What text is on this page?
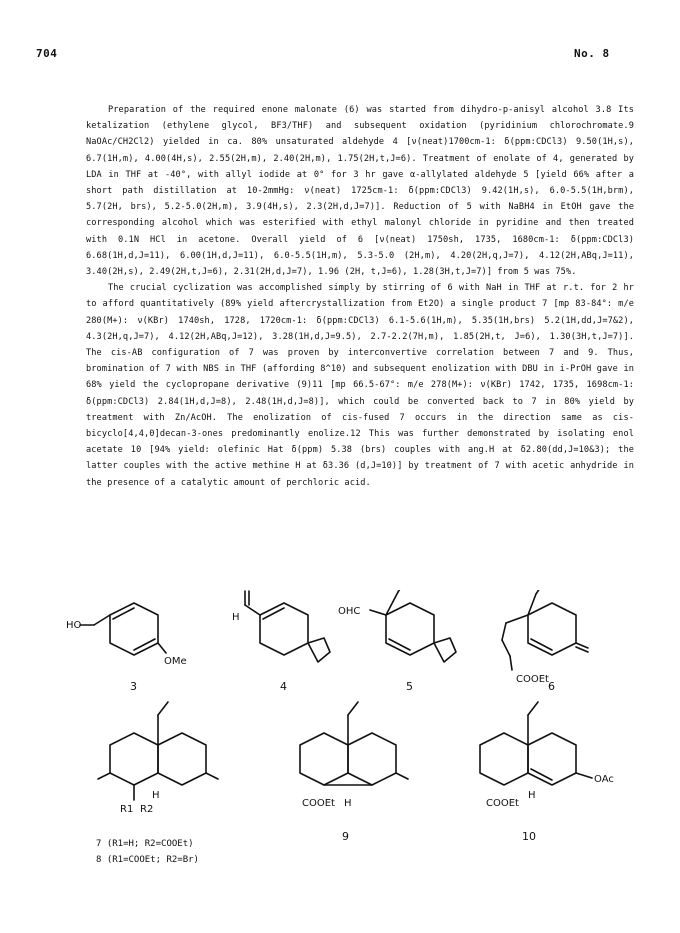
704	No. 8

Preparation of the required enone malonate (6) was started from dihydro-p-anisyl alcohol 3.8 Its ketalization (ethylene glycol, BF3/THF) and subsequent oxidation (pyridinium chlorochromate.9 NaOAc/CH2Cl2) yielded in ca. 80% unsaturated aldehyde 4 [ν(neat)1700cm-1: δ(ppm:CDCl3) 9.50(1H,s), 6.7(1H,m), 4.00(4H,s), 2.55(2H,m), 2.40(2H,m), 1.75(2H,t,J=6). Treatment of enolate of 4, generated by LDA in THF at -40°, with allyl iodide at 0° for 3 hr gave α-allylated aldehyde 5 [yield 66% after a short path distillation at 10-2mmHg: ν(neat) 1725cm-1: δ(ppm:CDCl3) 9.42(1H,s), 6.0-5.5(1H,brm), 5.7(2H, brs), 5.2-5.0(2H,m), 3.9(4H,s), 2.3(2H,d,J=7)]. Reduction of 5 with NaBH4 in EtOH gave the corresponding alcohol which was esterified with ethyl malonyl chloride in pyridine and then treated with 0.1N HCl in acetone. Overall yield of 6 [ν(neat) 1750sh, 1735, 1680cm-1: δ(ppm:CDCl3) 6.68(1H,d,J=11), 6.00(1H,d,J=11), 6.0-5.5(1H,m), 5.3-5.0 (2H,m), 4.20(2H,q,J=7), 4.12(2H,ABq,J=11), 3.40(2H,s), 2.49(2H,t,J=6), 2.31(2H,d,J=7), 1.96 (2H, t,J=6), 1.28(3H,t,J=7)] from 5 was 75%.

The crucial cyclization was accomplished simply by stirring of 6 with NaH in THF at r.t. for 2 hr to afford quantitatively (89% yield aftercrystallization from Et2O) a single product 7 [mp 83-84°: m/e 280(M+): ν(KBr) 1740sh, 1728, 1720cm-1: δ(ppm:CDCl3) 6.1-5.6(1H,m), 5.35(1H,brs) 5.2(1H,dd,J=7&2), 4.3(2H,q,J=7), 4.12(2H,ABq,J=12), 3.28(1H,d,J=9.5), 2.7-2.2(7H,m), 1.85(2H,t, J=6), 1.30(3H,t,J=7)]. The cis-AB configuration of 7 was proven by interconvertive correlation between 7 and 9. Thus, bromination of 7 with NBS in THF (affording 8^10) and subsequent enolization with DBU in i-PrOH gave in 68% yield the cyclopropane derivative (9)11 [mp 66.5-67°: m/e 278(M+): ν(KBr) 1742, 1735, 1698cm-1: δ(ppm:CDCl3) 2.84(1H,d,J=8), 2.48(1H,d,J=8)], which could be converted back to 7 in 80% yield by treatment with Zn/AcOH. The enolization of cis-fused 7 occurs in the direction same as cis-bicyclo[4,4,0]decan-3-ones predominantly enolize.12 This was further demonstrated by isolating enol acetate 10 [94% yield: olefinic Hat δ(ppm) 5.38 (brs) couples with ang.H at δ2.80(dd,J=10&3); the latter couples with the active methine H at δ3.36 (d,J=10)] by treatment of 7 with acetic anhydride in the presence of a catalytic amount of perchloric acid.

HO
OMe
3
H
4
OHC
5
COOEt
6
R1 R2
H
COOEt H
9
OAc
COOEt
H
10
7 (R1=H; R2=COOEt)
8 (R1=COOEt; R2=Br)
